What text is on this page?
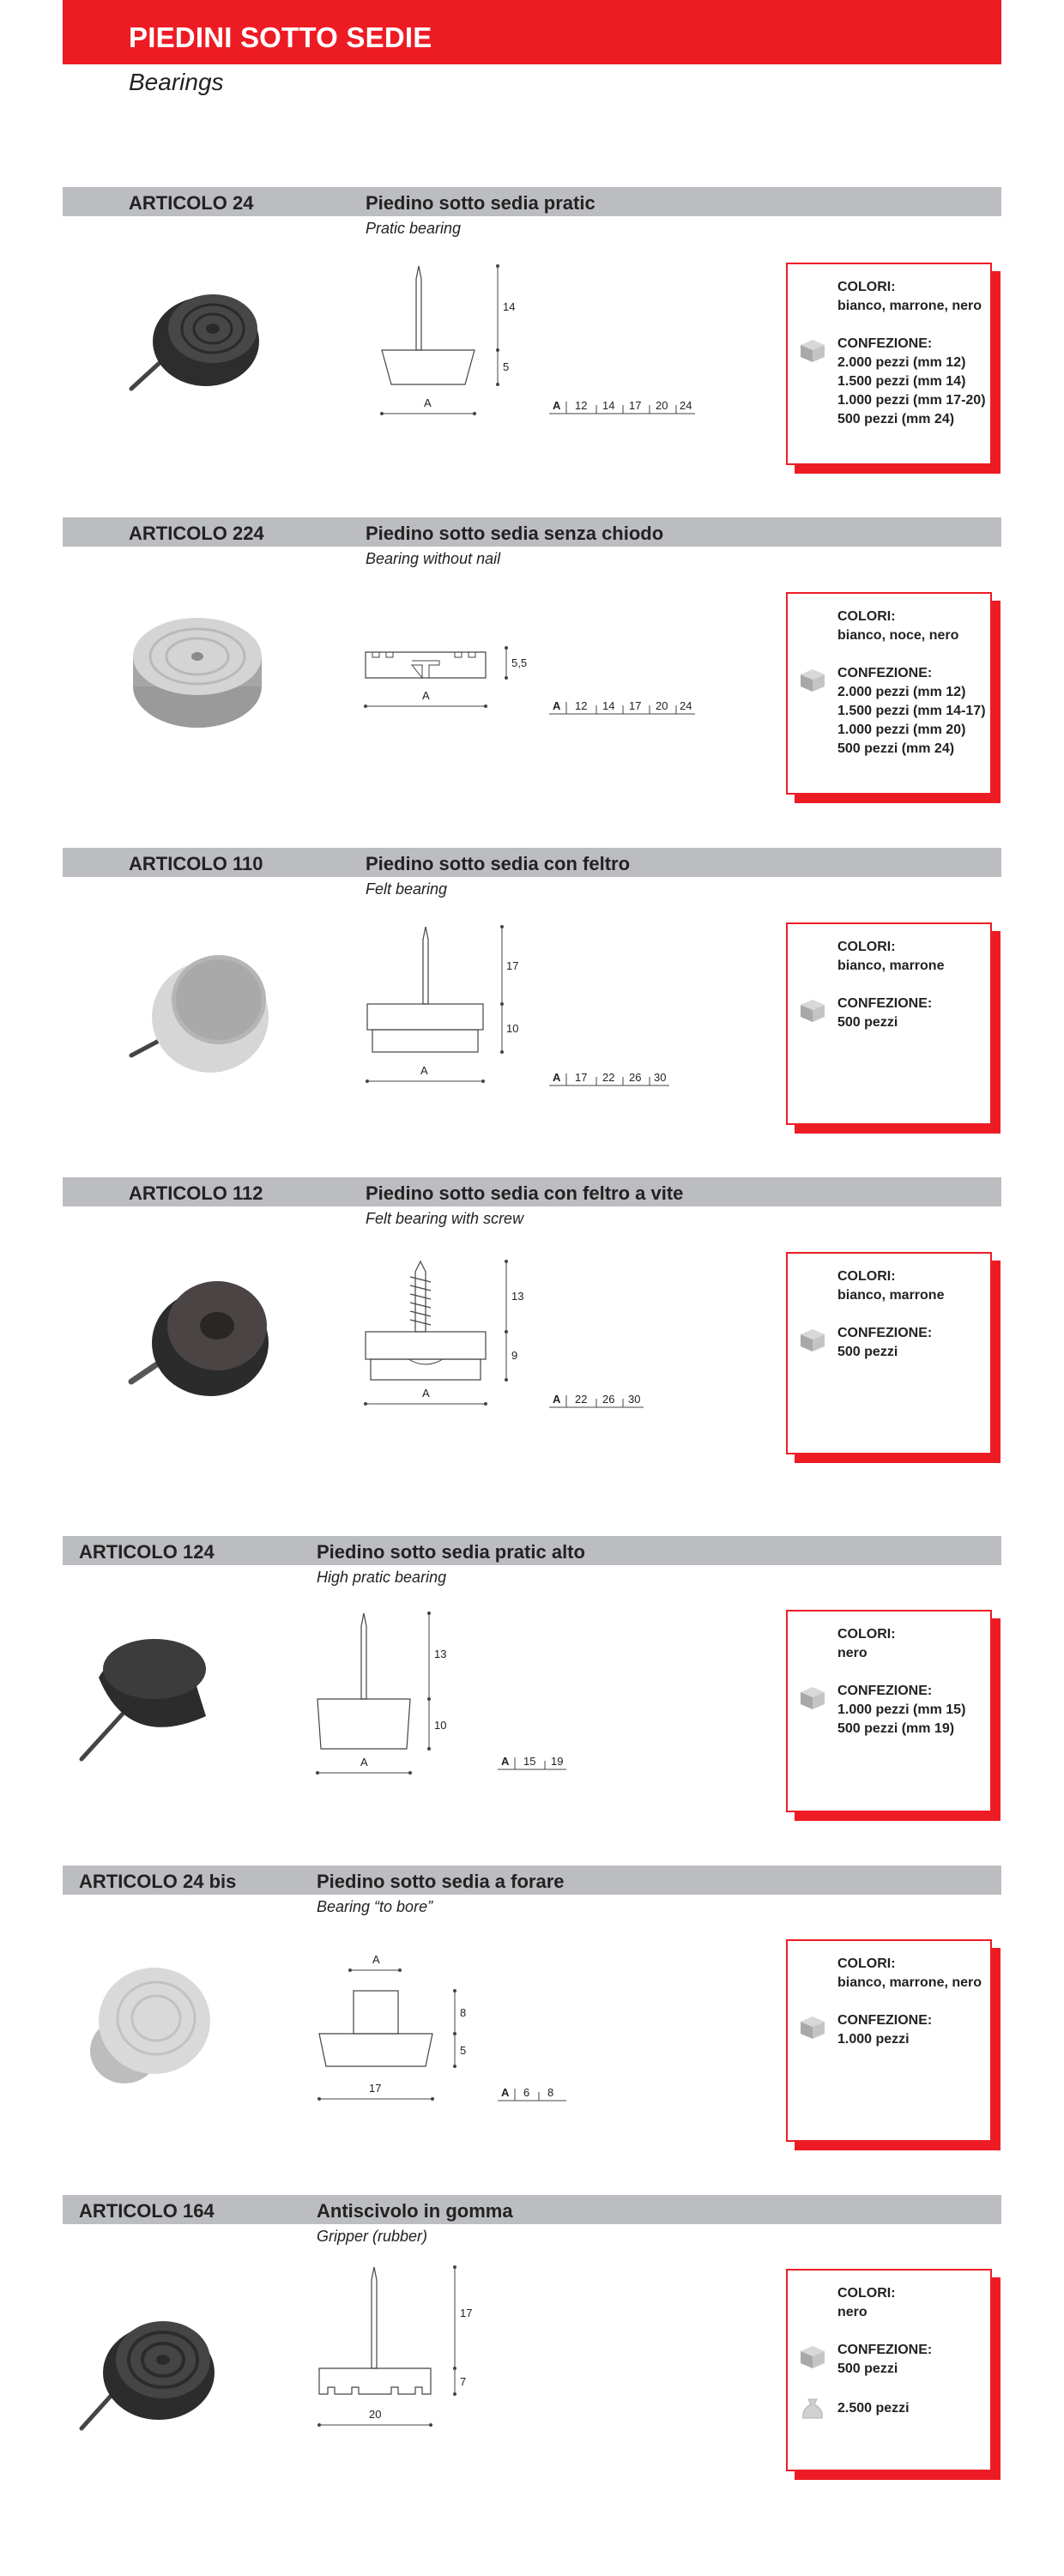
PIEDINI SOTTO SEDIE
Bearings
ARTICOLO 24	Piedino sotto sedia pratic
Pratic bearing
14
5
A	A 12 14 17 20 24
COLORI:
bianco, marrone, nero
CONFEZIONE:
2.000 pezzi (mm 12)
1.500 pezzi (mm 14)
1.000 pezzi (mm 17-20)
500 pezzi (mm 24)
ARTICOLO 224	Piedino sotto sedia senza chiodo
Bearing without nail
5,5
A
A 12 14 17 20 24
COLORI:
bianco, noce, nero
CONFEZIONE:
2.000 pezzi (mm 12)
1.500 pezzi (mm 14-17)
1.000 pezzi (mm 20)
500 pezzi (mm 24)
ARTICOLO 110	Piedino sotto sedia con feltro
Felt bearing
17
10
A
A 17 22 26 30
COLORI:
bianco, marrone
CONFEZIONE:
500 pezzi
ARTICOLO 112	Piedino sotto sedia con feltro a vite
Felt bearing with screw
13
9
A	A 22 26 30
COLORI:
bianco, marrone
CONFEZIONE:
500 pezzi
ARTICOLO 124	Piedino sotto sedia pratic alto
High pratic bearing
13
10
A	A 15 19
COLORI:
nero
CONFEZIONE:
1.000 pezzi (mm 15)
500 pezzi (mm 19)
ARTICOLO 24 bis	Piedino sotto sedia a forare
Bearing “to bore”
A
8
5
17	A 6 8
COLORI:
bianco, marrone, nero
CONFEZIONE:
1.000 pezzi
ARTICOLO 164	Antiscivolo in gomma
Gripper (rubber)
17
7
20
COLORI:
nero
CONFEZIONE:
500 pezzi
2.500 pezzi
